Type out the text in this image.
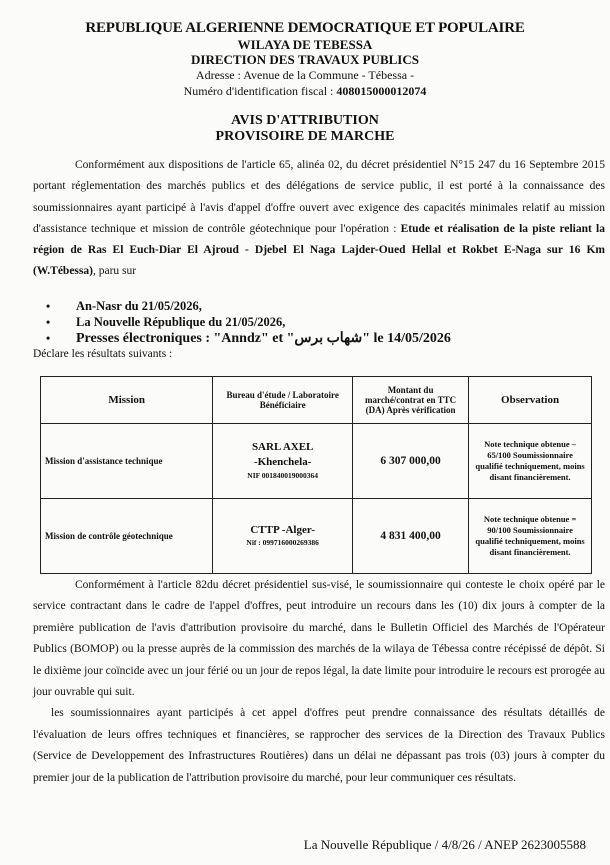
REPUBLIQUE ALGERIENNE DEMOCRATIQUE ET POPULAIRE
WILAYA DE TEBESSA
DIRECTION DES TRAVAUX PUBLICS
Adresse : Avenue de la Commune - Tébessa -
Numéro d'identification fiscal : 408015000012074
AVIS D'ATTRIBUTION
PROVISOIRE DE MARCHE
Conformément aux dispositions de l'article 65, alinéa 02, du décret présidentiel N°15 247 du 16 Septembre 2015 portant réglementation des marchés publics et des délégations de service public, il est porté à la connaissance des soumissionnaires ayant participé à l'avis d'appel d'offre ouvert avec exigence des capacités minimales relatif au mission d'assistance technique et mission de contrôle géotechnique pour l'opération : Etude et réalisation de la piste reliant la région de Ras El Euch-Diar El Ajroud - Djebel El Naga Lajder-Oued Hellal et Rokbet E-Naga sur 16 Km (W.Tébessa), paru sur
•	An-Nasr du 21/05/2026,
•	La Nouvelle République du 21/05/2026,
•	Presses électroniques : "Anndz" et "شهاب برس" le 14/05/2026
Déclare les résultats suivants :
Mission	Bureau d'étude / Laboratoire Bénéficiaire	Montant du marché/contrat en TTC (DA) Après vérification	Observation
Mission d'assistance technique	SARL AXEL
-Khenchela-
NIF 001840019000364	6 307 000,00	Note technique obtenue – 65/100 Soumissionnaire qualifié techniquement, moins disant financièrement.
Mission de contrôle géotechnique	CTTP -Alger-
Nif : 099716000269386	4 831 400,00	Note technique obtenue = 90/100 Soumissionnaire qualifié techniquement, moins disant financièrement.
Conformément à l'article 82du décret présidentiel sus-visé, le soumissionnaire qui conteste le choix opéré par le service contractant dans le cadre de l'appel d'offres, peut introduire un recours dans les (10) dix jours à compter de la première publication de l'avis d'attribution provisoire du marché, dans le Bulletin Officiel des Marchés de l'Opérateur Publics (BOMOP) ou la presse auprès de la commission des marchés de la wilaya de Tébessa contre récépissé de dépôt. Si le dixième jour coïncide avec un jour férié ou un jour de repos légal, la date limite pour introduire le recours est prorogée au jour ouvrable qui suit.
les soumissionnaires ayant participés à cet appel d'offres peut prendre connaissance des résultats détaillés de l'évaluation de leurs offres techniques et financières, se rapprocher des services de la Direction des Travaux Publics (Service de Developpement des Infrastructures Routières) dans un délai ne dépassant pas trois (03) jours à compter du premier jour de la publication de l'attribution provisoire du marché, pour leur communiquer ces résultats.
La Nouvelle République / 4/8/26 / ANEP 2623005588
